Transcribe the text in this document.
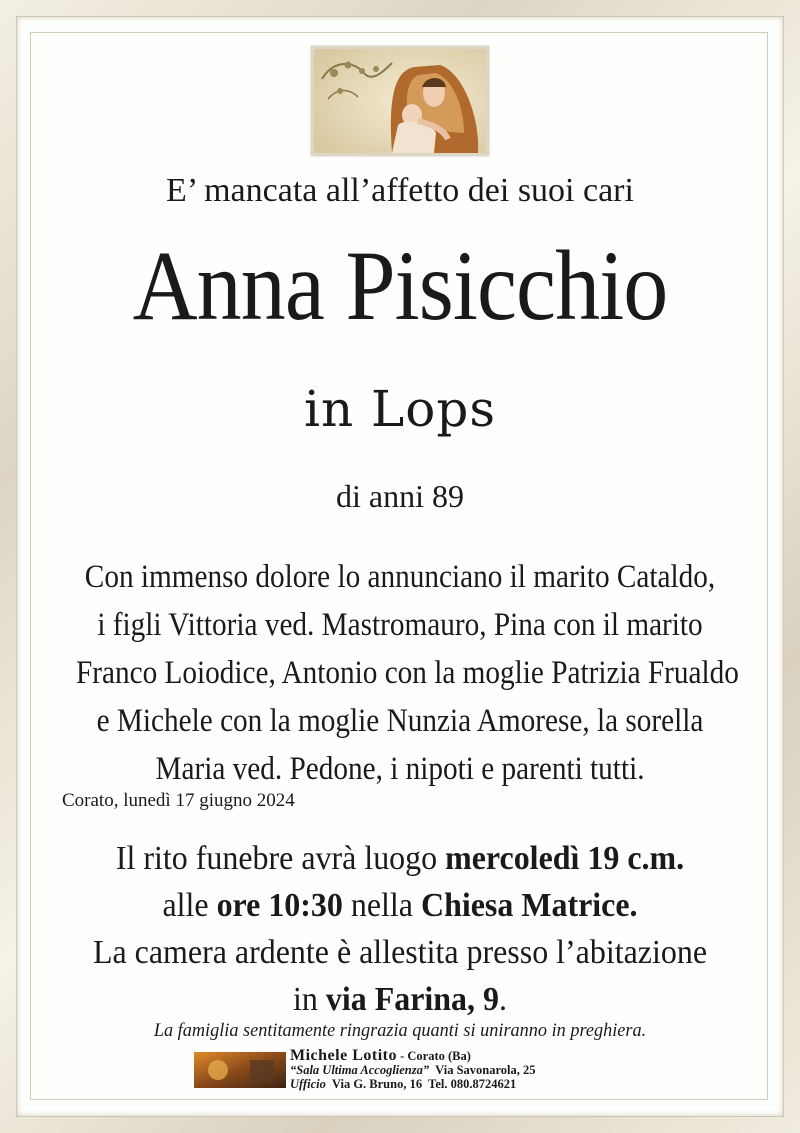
E’ mancata all’affetto dei suoi cari
Anna Pisicchio
in Lops
di anni 89
Con immenso dolore lo annunciano il marito Cataldo,
i figli Vittoria ved. Mastromauro, Pina con il marito
Franco Loiodice, Antonio con la moglie Patrizia Frualdo
e Michele con la moglie Nunzia Amorese, la sorella
Maria ved. Pedone, i nipoti e parenti tutti.
Corato, lunedì 17 giugno 2024
Il rito funebre avrà luogo mercoledì 19 c.m.
alle ore 10:30 nella Chiesa Matrice.
La camera ardente è allestita presso l’abitazione
in via Farina, 9.
La famiglia sentitamente ringrazia quanti si uniranno in preghiera.
Michele Lotito - Corato (Ba)
“Sala Ultima Accoglienza” Via Savonarola, 25
Ufficio Via G. Bruno, 16 Tel. 080.8724621
